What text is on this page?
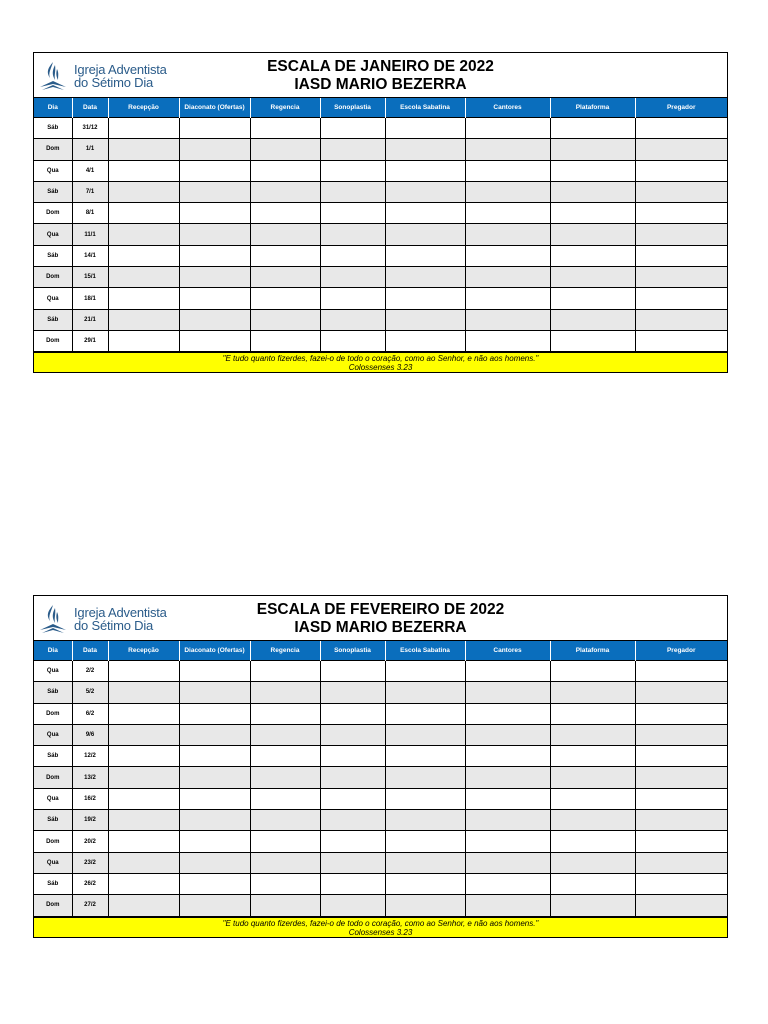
Igreja Adventista
do Sétimo Dia
ESCALA DE JANEIRO DE 2022
IASD MARIO BEZERRA
Dia	Data	Recepção	Diaconato (Ofertas)	Regencia	Sonoplastia	Escola Sabatina	Cantores	Plataforma	Pregador
Sáb	31/12								
Dom	1/1								
Qua	4/1								
Sáb	7/1								
Dom	8/1								
Qua	11/1								
Sáb	14/1								
Dom	15/1								
Qua	18/1								
Sáb	21/1								
Dom	29/1								
"E tudo quanto fizerdes, fazei-o de todo o coração, como ao Senhor, e não aos homens."
Colossenses 3.23
Igreja Adventista
do Sétimo Dia
ESCALA DE FEVEREIRO DE 2022
IASD MARIO BEZERRA
Dia	Data	Recepção	Diaconato (Ofertas)	Regencia	Sonoplastia	Escola Sabatina	Cantores	Plataforma	Pregador
Qua	2/2								
Sáb	5/2								
Dom	6/2								
Qua	9/6								
Sáb	12/2								
Dom	13/2								
Qua	16/2								
Sáb	19/2								
Dom	20/2								
Qua	23/2								
Sáb	26/2								
Dom	27/2								
"E tudo quanto fizerdes, fazei-o de todo o coração, como ao Senhor, e não aos homens."
Colossenses 3.23
